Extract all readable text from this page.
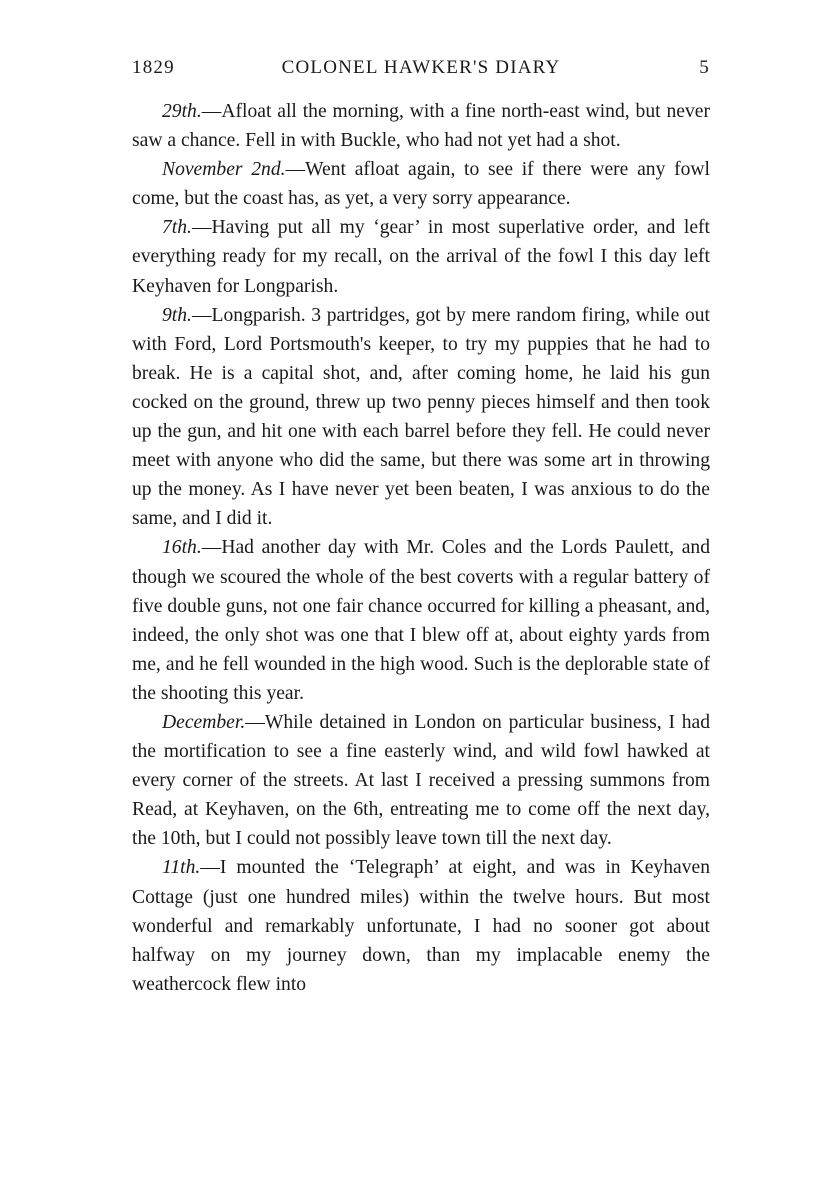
1829	COLONEL HAWKER'S DIARY	5

29th.—Afloat all the morning, with a fine north-east wind, but never saw a chance. Fell in with Buckle, who had not yet had a shot.

November 2nd.—Went afloat again, to see if there were any fowl come, but the coast has, as yet, a very sorry appearance.

7th.—Having put all my ‘gear’ in most superlative order, and left everything ready for my recall, on the arrival of the fowl I this day left Keyhaven for Longparish.

9th.—Longparish. 3 partridges, got by mere random firing, while out with Ford, Lord Portsmouth's keeper, to try my puppies that he had to break. He is a capital shot, and, after coming home, he laid his gun cocked on the ground, threw up two penny pieces himself and then took up the gun, and hit one with each barrel before they fell. He could never meet with anyone who did the same, but there was some art in throwing up the money. As I have never yet been beaten, I was anxious to do the same, and I did it.

16th.—Had another day with Mr. Coles and the Lords Paulett, and though we scoured the whole of the best coverts with a regular battery of five double guns, not one fair chance occurred for killing a pheasant, and, indeed, the only shot was one that I blew off at, about eighty yards from me, and he fell wounded in the high wood. Such is the deplorable state of the shooting this year.

December.—While detained in London on particular business, I had the mortification to see a fine easterly wind, and wild fowl hawked at every corner of the streets. At last I received a pressing summons from Read, at Keyhaven, on the 6th, entreating me to come off the next day, the 10th, but I could not possibly leave town till the next day.

11th.—I mounted the ‘Telegraph’ at eight, and was in Keyhaven Cottage (just one hundred miles) within the twelve hours. But most wonderful and remarkably unfortunate, I had no sooner got about halfway on my journey down, than my implacable enemy the weathercock flew into
